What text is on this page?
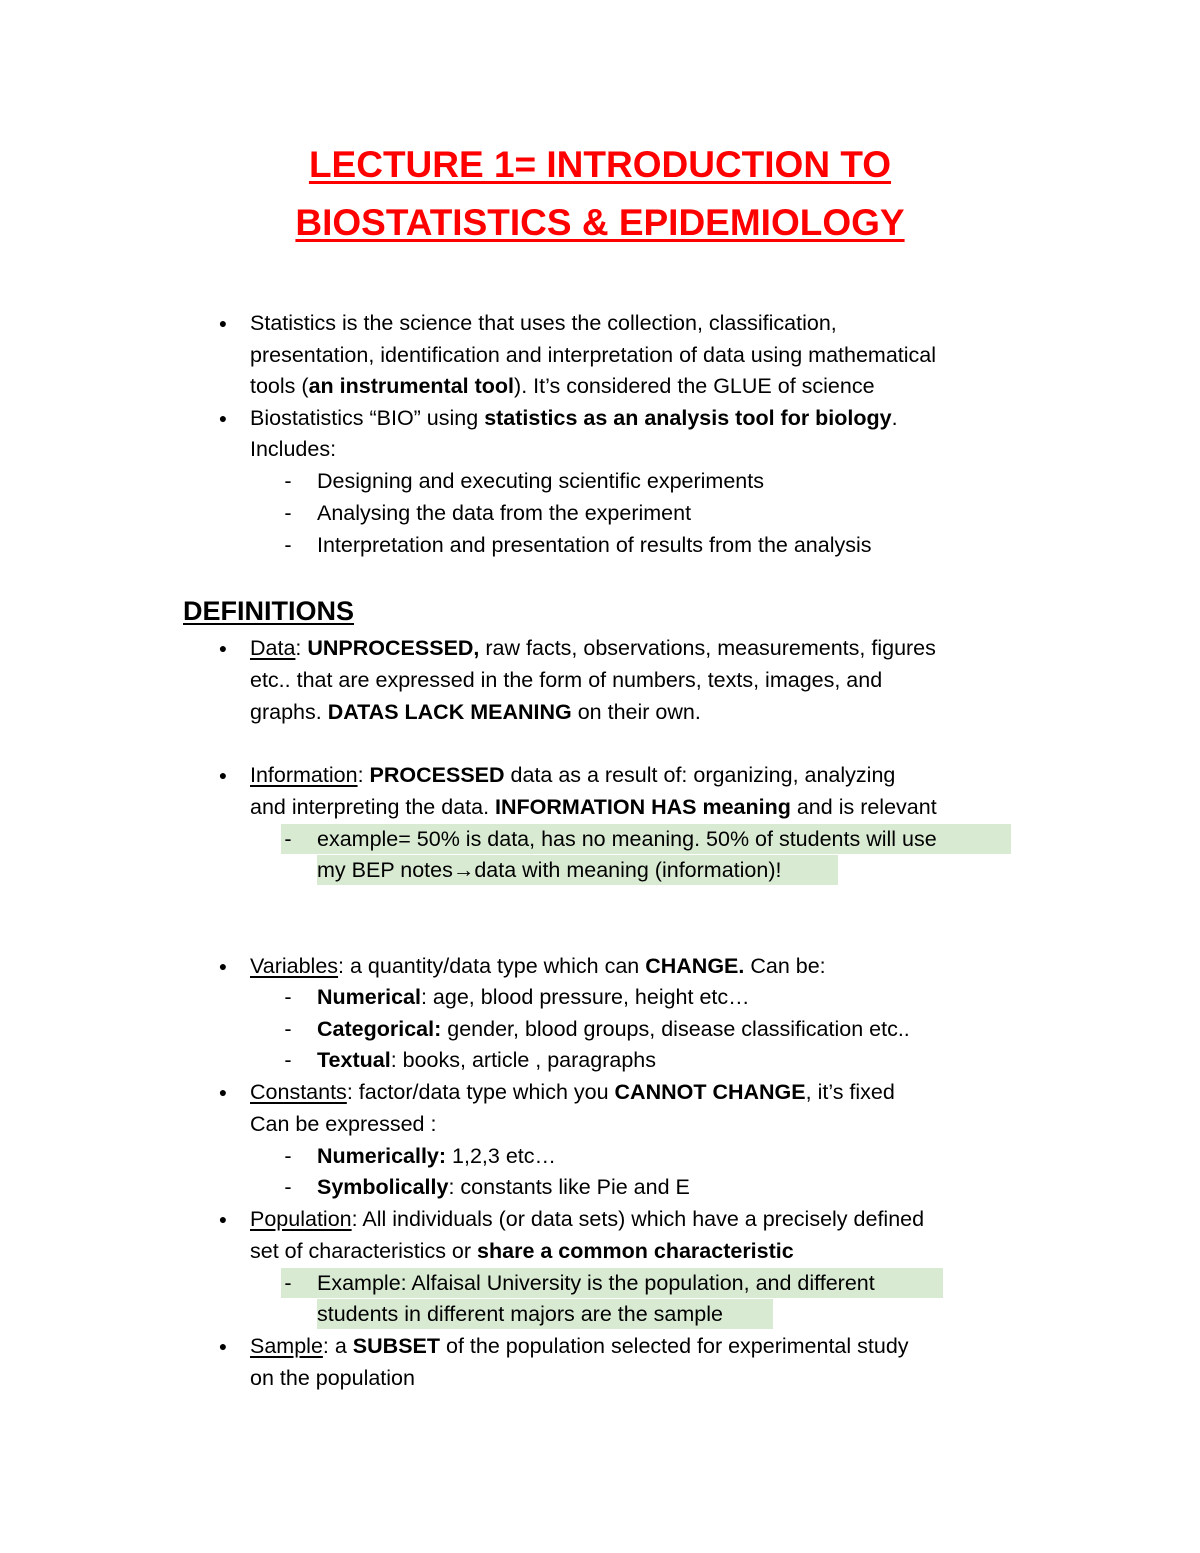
LECTURE 1= INTRODUCTION TO
BIOSTATISTICS & EPIDEMIOLOGY
● Statistics is the science that uses the collection, classification,
presentation, identification and interpretation of data using mathematical
tools (an instrumental tool). It’s considered the GLUE of science
● Biostatistics “BIO” using statistics as an analysis tool for biology.
Includes:
- Designing and executing scientific experiments
- Analysing the data from the experiment
- Interpretation and presentation of results from the analysis
DEFINITIONS
● Data: UNPROCESSED, raw facts, observations, measurements, figures
etc.. that are expressed in the form of numbers, texts, images, and
graphs. DATAS LACK MEANING on their own.
● Information: PROCESSED data as a result of: organizing, analyzing
and interpreting the data. INFORMATION HAS meaning and is relevant
- example= 50% is data, has no meaning. 50% of students will use
my BEP notes→data with meaning (information)!
● Variables: a quantity/data type which can CHANGE. Can be:
- Numerical: age, blood pressure, height etc…
- Categorical: gender, blood groups, disease classification etc..
- Textual: books, article , paragraphs
● Constants: factor/data type which you CANNOT CHANGE, it’s fixed
Can be expressed :
- Numerically: 1,2,3 etc…
- Symbolically: constants like Pie and E
● Population: All individuals (or data sets) which have a precisely defined
set of characteristics or share a common characteristic
- Example: Alfaisal University is the population, and different
students in different majors are the sample
● Sample: a SUBSET of the population selected for experimental study
on the population
